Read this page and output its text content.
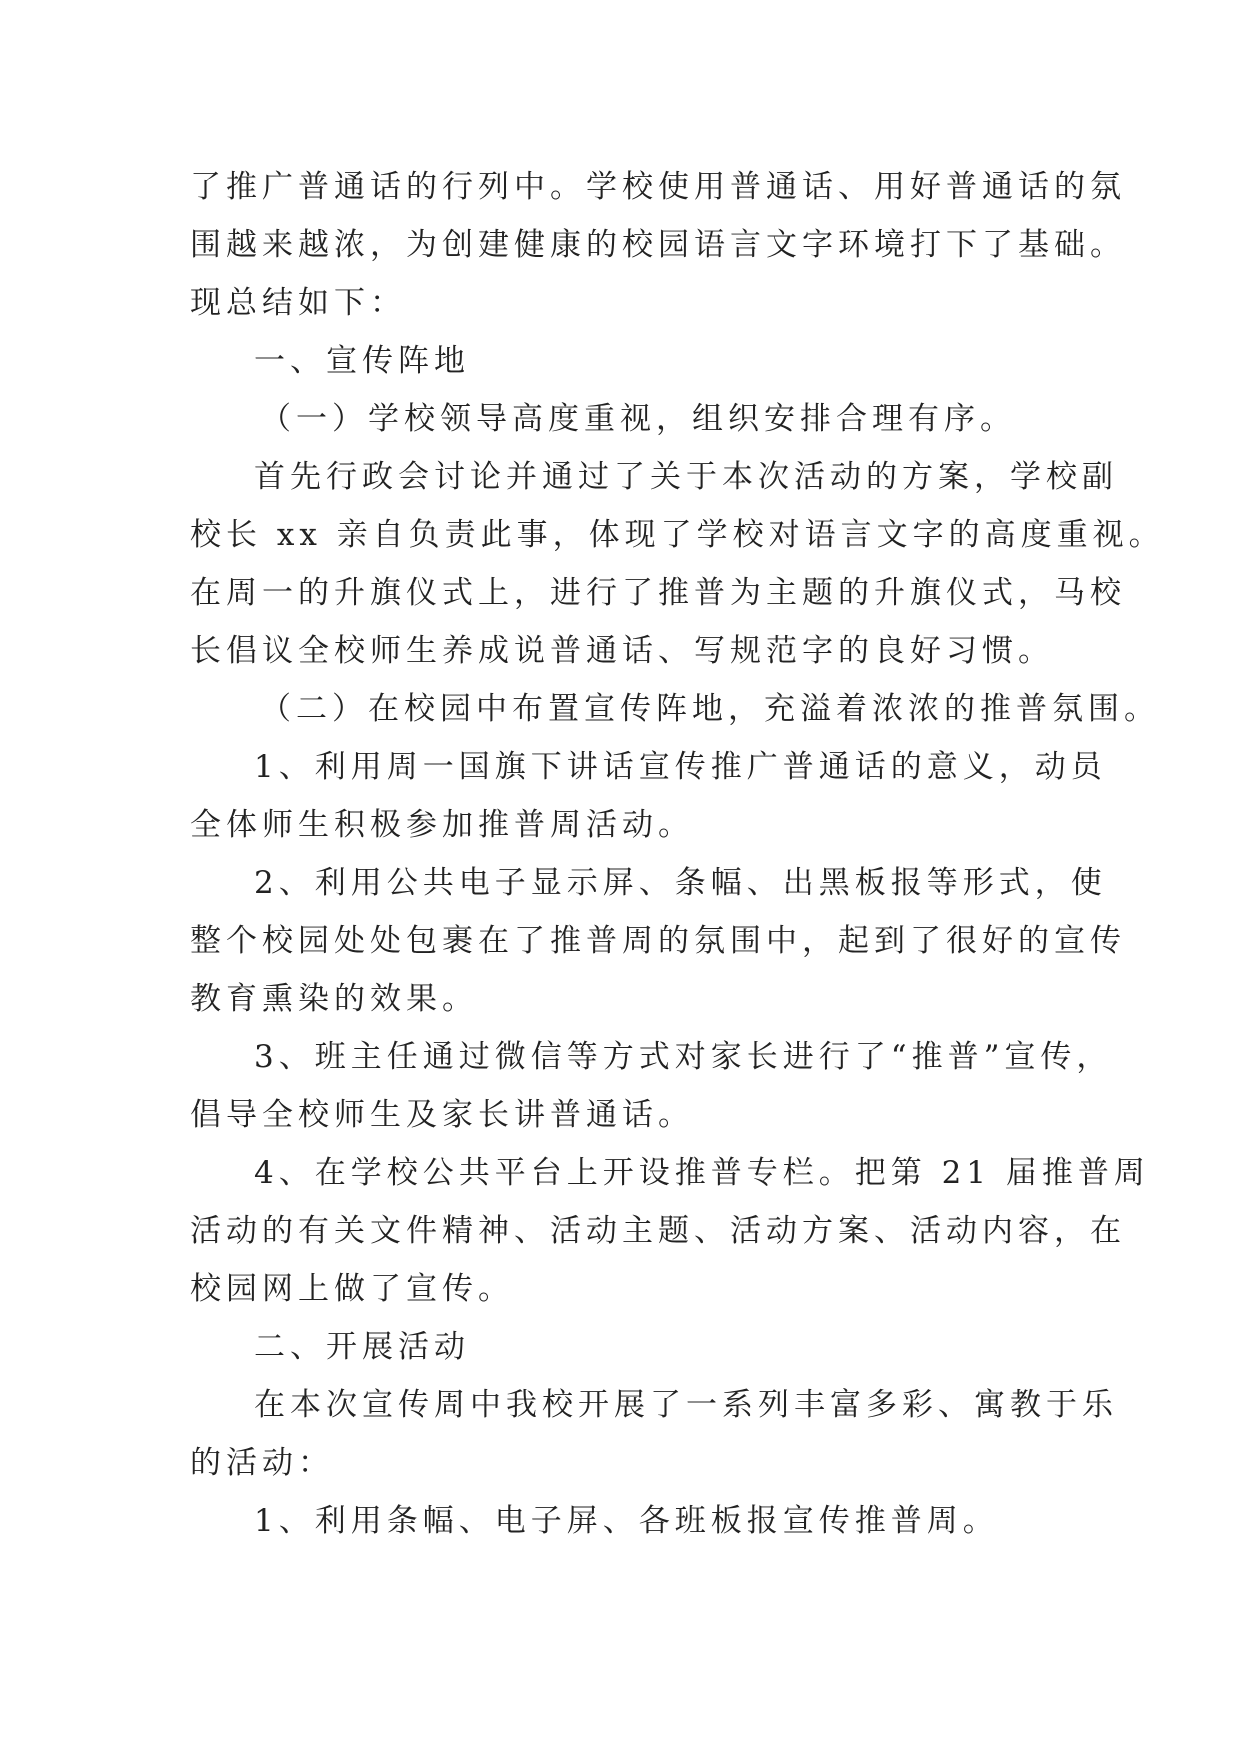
了推广普通话的行列中。学校使用普通话、用好普通话的氛
围越来越浓，为创建健康的校园语言文字环境打下了基础。
现总结如下：
一、宣传阵地
（一）学校领导高度重视，组织安排合理有序。
首先行政会讨论并通过了关于本次活动的方案，学校副
校长 xx 亲自负责此事，体现了学校对语言文字的高度重视。
在周一的升旗仪式上，进行了推普为主题的升旗仪式，马校
长倡议全校师生养成说普通话、写规范字的良好习惯。
（二）在校园中布置宣传阵地，充溢着浓浓的推普氛围。
1、利用周一国旗下讲话宣传推广普通话的意义，动员
全体师生积极参加推普周活动。
2、利用公共电子显示屏、条幅、出黑板报等形式，使
整个校园处处包裹在了推普周的氛围中，起到了很好的宣传
教育熏染的效果。
3、班主任通过微信等方式对家长进行了“推普”宣传，
倡导全校师生及家长讲普通话。
4、在学校公共平台上开设推普专栏。把第 21 届推普周
活动的有关文件精神、活动主题、活动方案、活动内容，在
校园网上做了宣传。
二、开展活动
在本次宣传周中我校开展了一系列丰富多彩、寓教于乐
的活动：
1、利用条幅、电子屏、各班板报宣传推普周。
